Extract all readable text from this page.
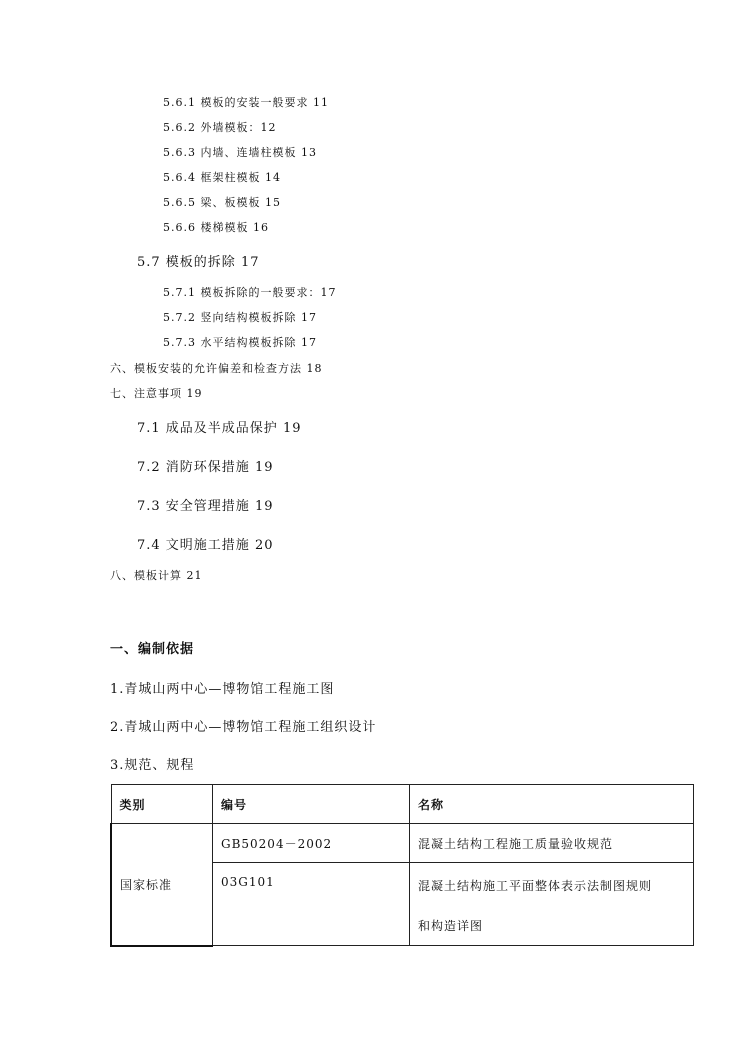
5.6.1 模板的安装一般要求 11
5.6.2 外墙模板：12
5.6.3 内墙、连墙柱模板 13
5.6.4 框架柱模板 14
5.6.5 梁、板模板 15
5.6.6 楼梯模板 16
5.7 模板的拆除 17
5.7.1 模板拆除的一般要求：17
5.7.2 竖向结构模板拆除 17
5.7.3 水平结构模板拆除 17
六、模板安装的允许偏差和检查方法 18
七、注意事项 19
7.1 成品及半成品保护 19
7.2 消防环保措施 19
7.3 安全管理措施 19
7.4 文明施工措施 20
八、模板计算 21
一、编制依据
1.青城山两中心—博物馆工程施工图
2.青城山两中心—博物馆工程施工组织设计
3.规范、规程
类别	编号	名称
国家标准	GB50204－2002	混凝土结构工程施工质量验收规范
	03G101	混凝土结构施工平面整体表示法制图规则
和构造详图
